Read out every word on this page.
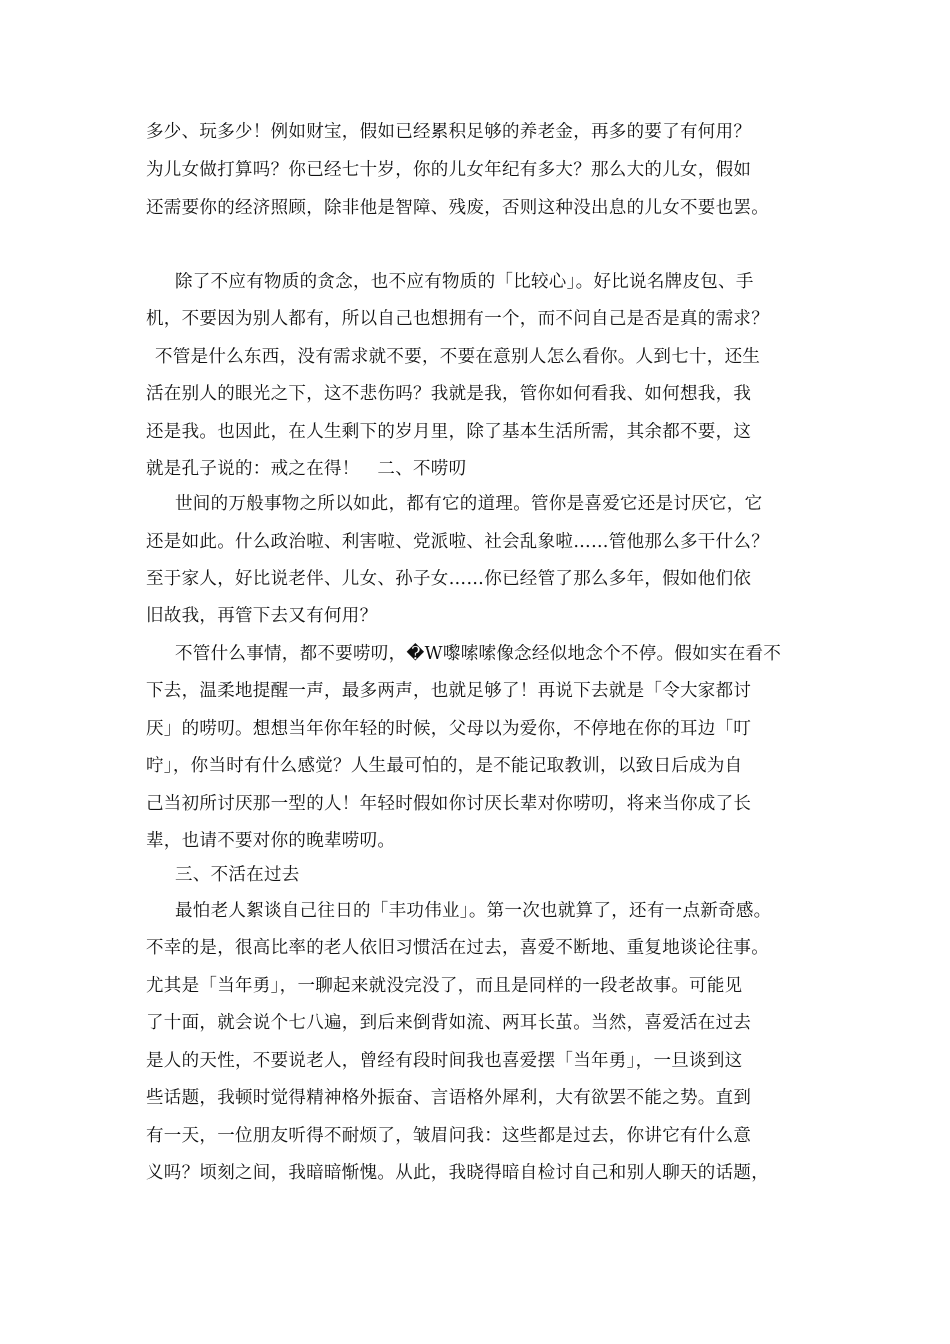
多少、玩多少！例如财宝，假如已经累积足够的养老金，再多的要了有何用？
为儿女做打算吗？你已经七十岁，你的儿女年纪有多大？那么大的儿女，假如
还需要你的经济照顾，除非他是智障、残废，否则这种没出息的儿女不要也罢。
除了不应有物质的贪念，也不应有物质的「比较心」。好比说名牌皮包、手
机，不要因为别人都有，所以自己也想拥有一个，而不问自己是否是真的需求？
不管是什么东西，没有需求就不要，不要在意别人怎么看你。人到七十，还生
活在别人的眼光之下，这不悲伤吗？我就是我，管你如何看我、如何想我，我
还是我。也因此，在人生剩下的岁月里，除了基本生活所需，其余都不要，这
就是孔子说的：戒之在得！　二、不唠叨
世间的万般事物之所以如此，都有它的道理。管你是喜爱它还是讨厌它，它
还是如此。什么政治啦、利害啦、党派啦、社会乱象啦……管他那么多干什么？
至于家人，好比说老伴、儿女、孙子女……你已经管了那么多年，假如他们依
旧故我，再管下去又有何用？
不管什么事情，都不要唠叨，�W嚟嗦嗦像念经似地念个不停。假如实在看不
下去，温柔地提醒一声，最多两声，也就足够了！再说下去就是「令大家都讨
厌」的唠叨。想想当年你年轻的时候，父母以为爱你，不停地在你的耳边「叮
咛」，你当时有什么感觉？人生最可怕的，是不能记取教训，以致日后成为自
己当初所讨厌那一型的人！年轻时假如你讨厌长辈对你唠叨，将来当你成了长
辈，也请不要对你的晚辈唠叨。
三、不活在过去
最怕老人絮谈自己往日的「丰功伟业」。第一次也就算了，还有一点新奇感。
不幸的是，很高比率的老人依旧习惯活在过去，喜爱不断地、重复地谈论往事。
尤其是「当年勇」，一聊起来就没完没了，而且是同样的一段老故事。可能见
了十面，就会说个七八遍，到后来倒背如流、两耳长茧。当然，喜爱活在过去
是人的天性，不要说老人，曾经有段时间我也喜爱摆「当年勇」，一旦谈到这
些话题，我顿时觉得精神格外振奋、言语格外犀利，大有欲罢不能之势。直到
有一天，一位朋友听得不耐烦了，皱眉问我：这些都是过去，你讲它有什么意
义吗？顷刻之间，我暗暗惭愧。从此，我晓得暗自检讨自己和别人聊天的话题，
